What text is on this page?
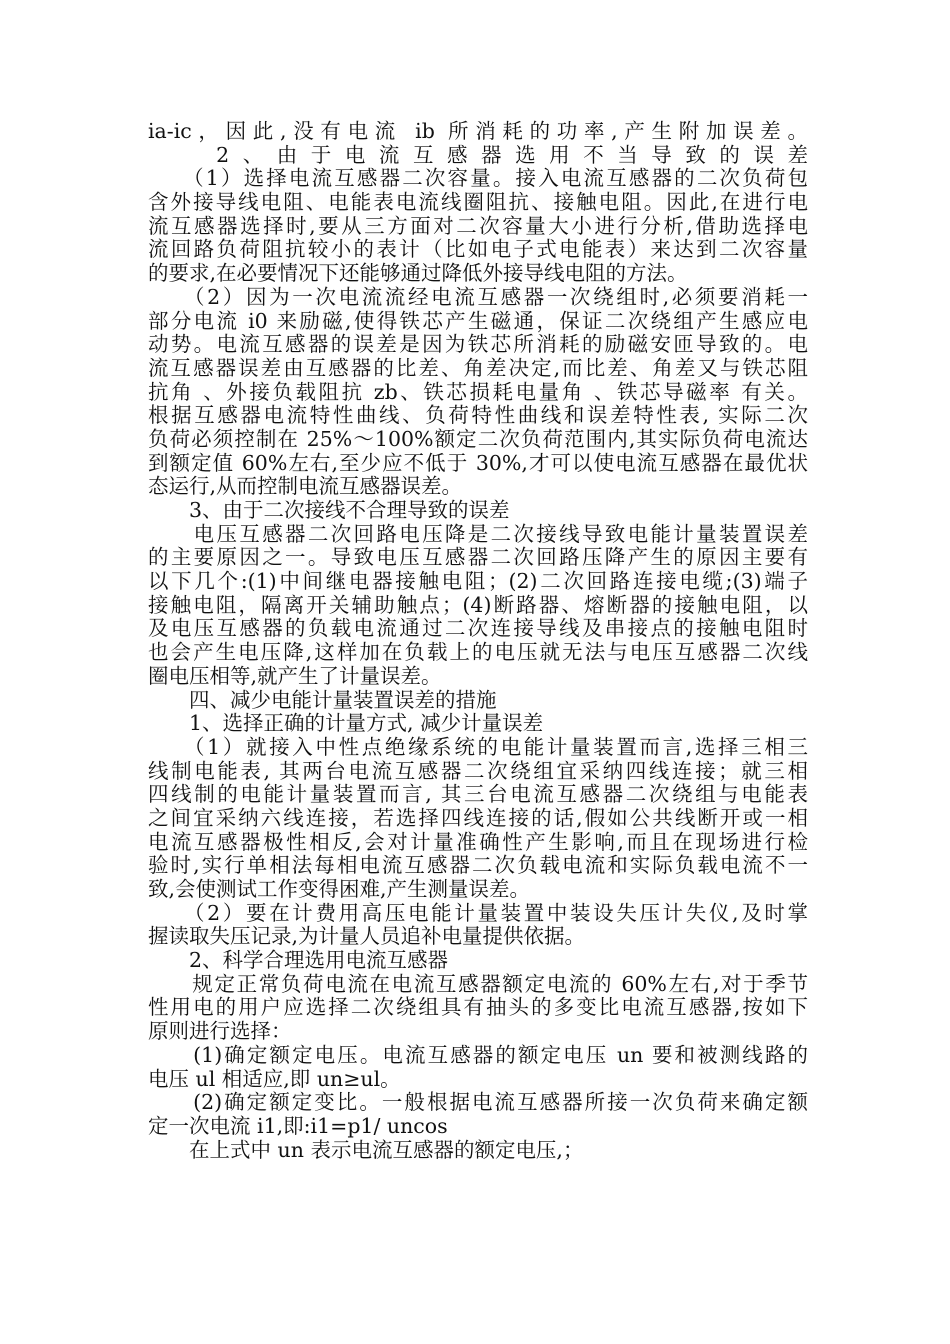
ia-ic，因此,没有电流 ib 所消耗的功率,产生附加误差。
　　2、由于电流互感器选用不当导致的误差
　　（1）选择电流互感器二次容量。接入电流互感器的二次负荷包
含外接导线电阻、电能表电流线圈阻抗、接触电阻。因此,在进行电
流互感器选择时,要从三方面对二次容量大小进行分析,借助选择电
流回路负荷阻抗较小的表计（比如电子式电能表）来达到二次容量
的要求,在必要情况下还能够通过降低外接导线电阻的方法。
　　（2）因为一次电流流经电流互感器一次绕组时,必须要消耗一
部分电流 i0 来励磁,使得铁芯产生磁通，保证二次绕组产生感应电
动势。电流互感器的误差是因为铁芯所消耗的励磁安匝导致的。电
流互感器误差由互感器的比差、角差决定,而比差、角差又与铁芯阻
抗角 、外接负载阻抗 zb、铁芯损耗电量角 、铁芯导磁率 有关。
根据互感器电流特性曲线、负荷特性曲线和误差特性表, 实际二次
负荷必须控制在 25%～100%额定二次负荷范围内,其实际负荷电流达
到额定值 60%左右,至少应不低于 30%,才可以使电流互感器在最优状
态运行,从而控制电流互感器误差。
　　3、由于二次接线不合理导致的误差
　　电压互感器二次回路电压降是二次接线导致电能计量装置误差
的主要原因之一。导致电压互感器二次回路压降产生的原因主要有
以下几个:(1)中间继电器接触电阻；(2)二次回路连接电缆;(3)端子
接触电阻，隔离开关辅助触点；(4)断路器、熔断器的接触电阻，以
及电压互感器的负载电流通过二次连接导线及串接点的接触电阻时
也会产生电压降,这样加在负载上的电压就无法与电压互感器二次线
圈电压相等,就产生了计量误差。
　　四、减少电能计量装置误差的措施
　　1、选择正确的计量方式, 减少计量误差
　　（1）就接入中性点绝缘系统的电能计量装置而言,选择三相三
线制电能表, 其两台电流互感器二次绕组宜采纳四线连接；就三相
四线制的电能计量装置而言, 其三台电流互感器二次绕组与电能表
之间宜采纳六线连接，若选择四线连接的话,假如公共线断开或一相
电流互感器极性相反,会对计量准确性产生影响,而且在现场进行检
验时,实行单相法每相电流互感器二次负载电流和实际负载电流不一
致,会使测试工作变得困难,产生测量误差。
　　（2）要在计费用高压电能计量装置中装设失压计失仪,及时掌
握读取失压记录,为计量人员追补电量提供依据。
　　2、科学合理选用电流互感器
　　规定正常负荷电流在电流互感器额定电流的 60%左右,对于季节
性用电的用户应选择二次绕组具有抽头的多变比电流互感器,按如下
原则进行选择：
　　(1)确定额定电压。电流互感器的额定电压 un 要和被测线路的
电压 ul 相适应,即 un≥ul。
　　(2)确定额定变比。一般根据电流互感器所接一次负荷来确定额
定一次电流 i1,即:i1=p1/ uncos
　　在上式中 un 表示电流互感器的额定电压,；
